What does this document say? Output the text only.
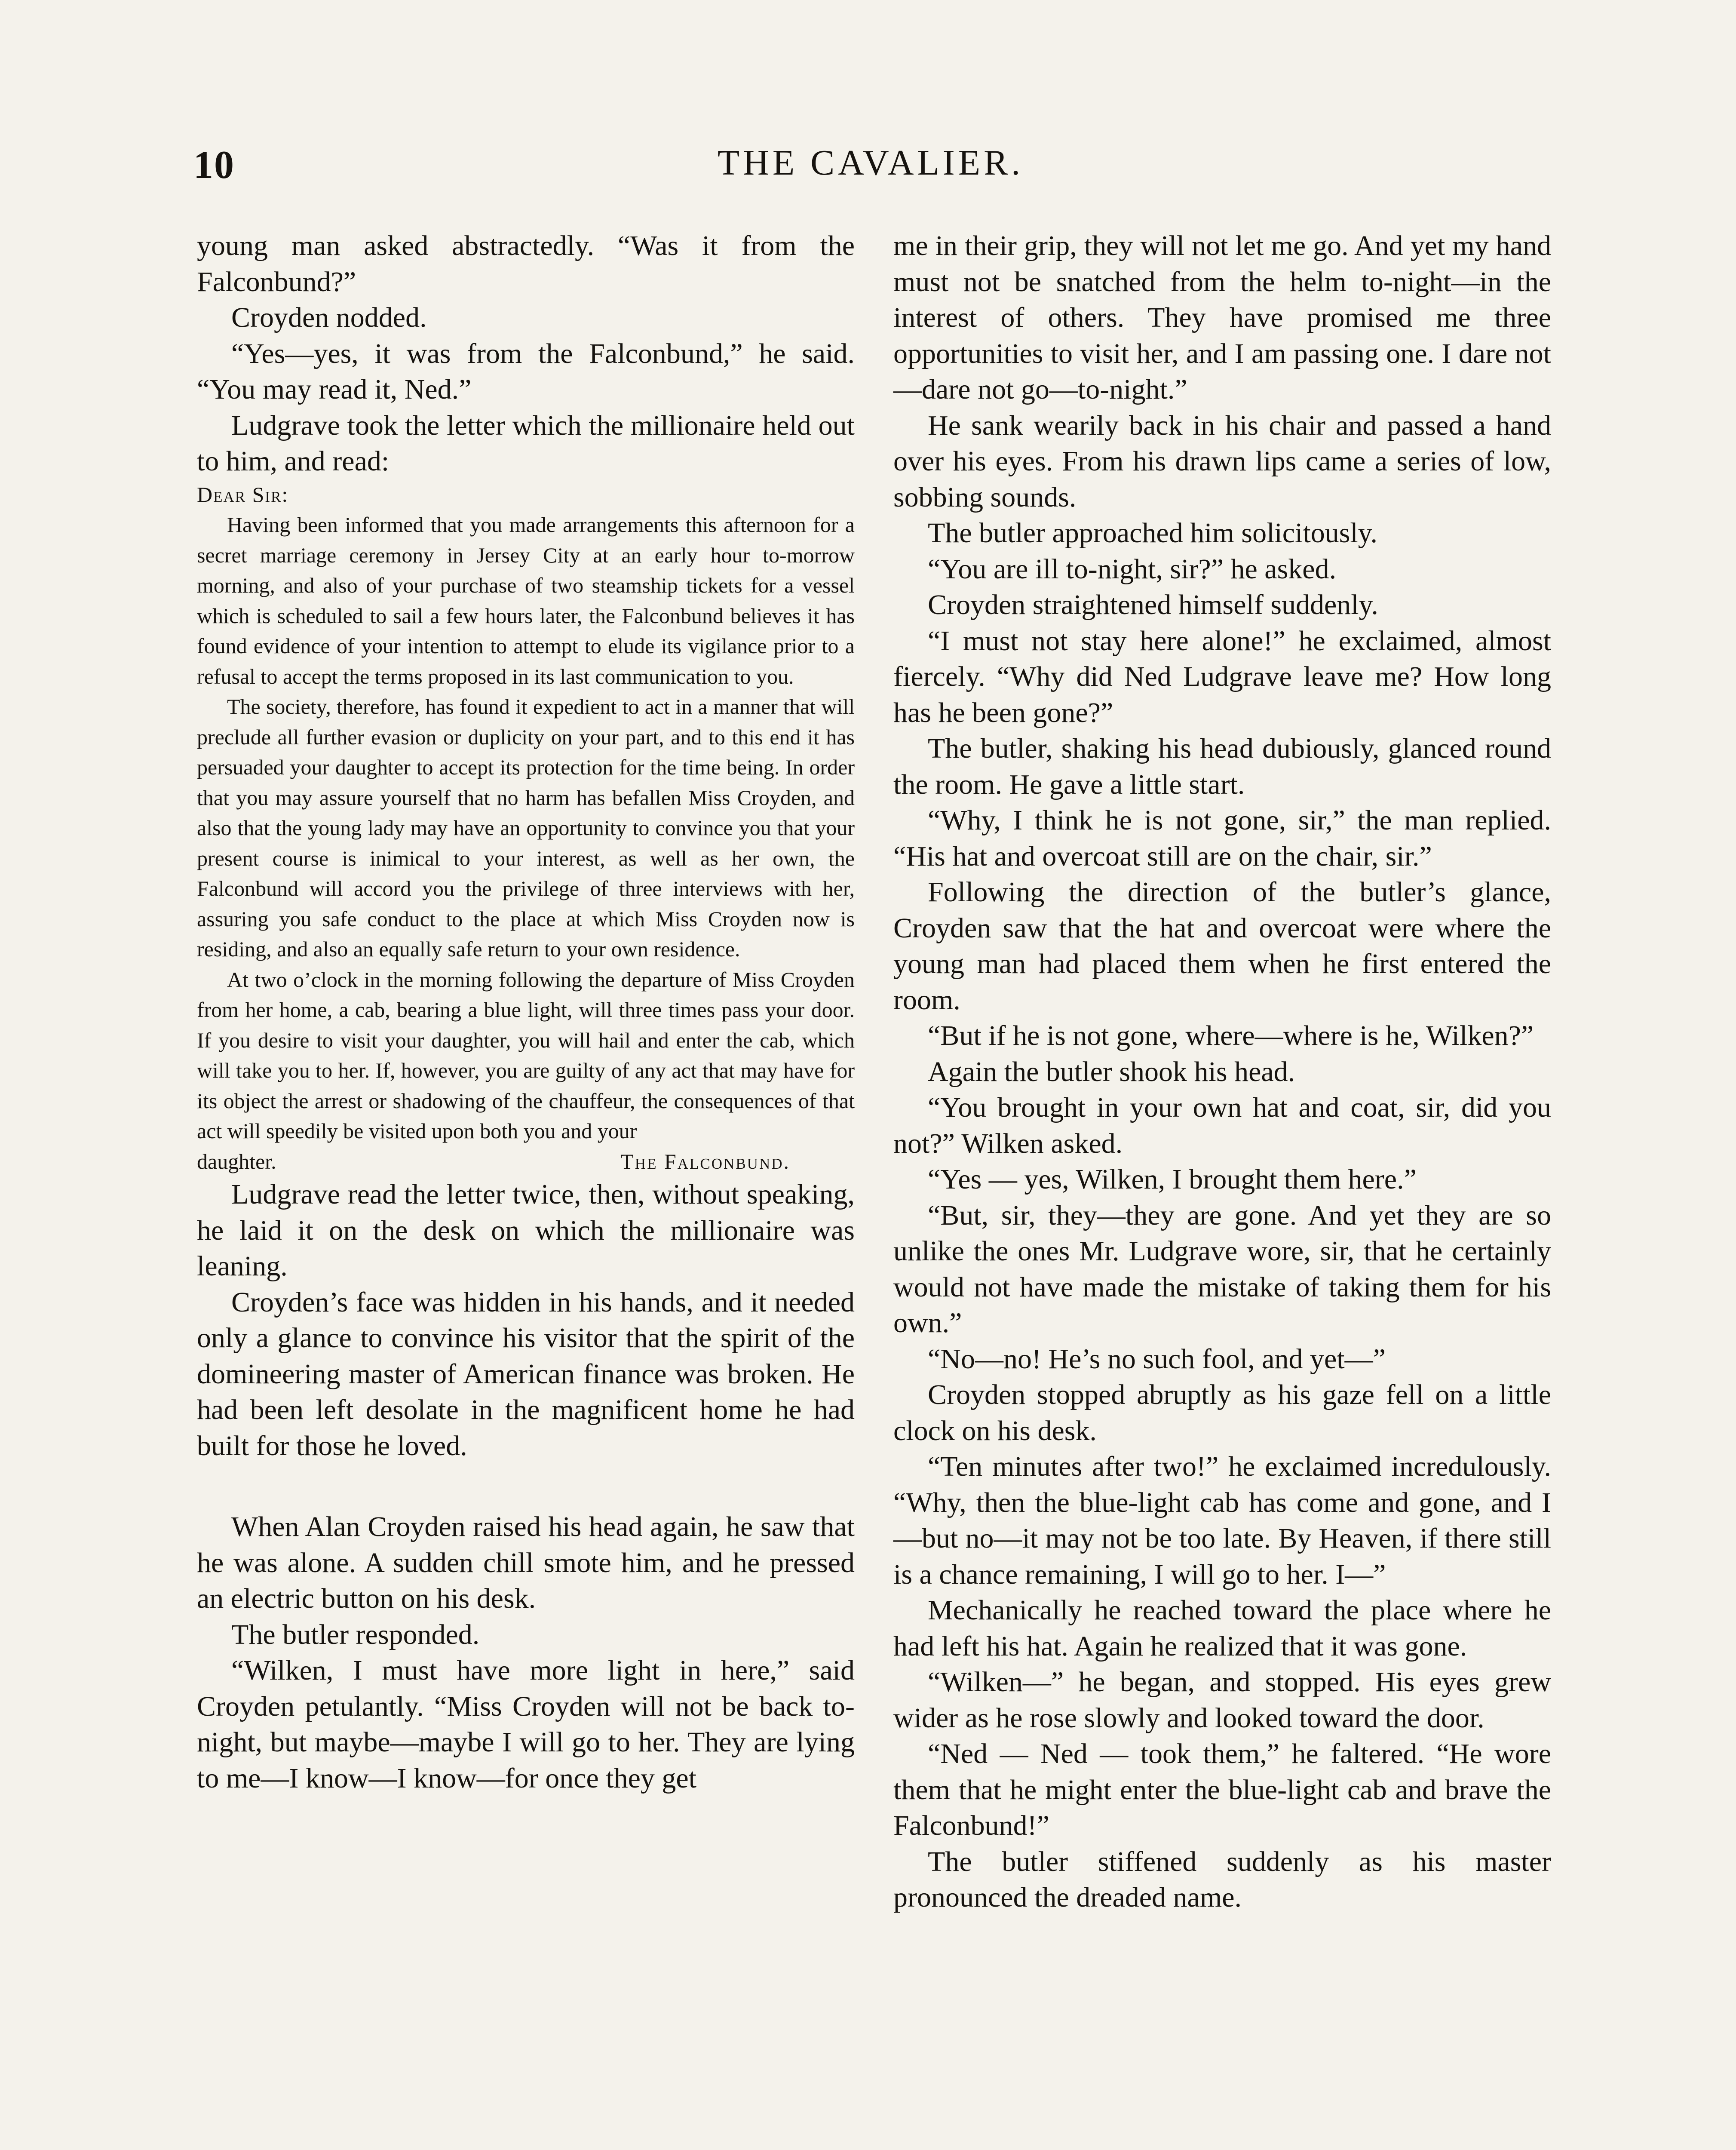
10	THE CAVALIER.

young man asked abstractedly. “Was it from the Falconbund?”

Croyden nodded.

“Yes—yes, it was from the Falconbund,” he said. “You may read it, Ned.”

Ludgrave took the letter which the millionaire held out to him, and read:

Dear Sir:

Having been informed that you made arrangements this afternoon for a secret marriage ceremony in Jersey City at an early hour to-morrow morning, and also of your purchase of two steamship tickets for a vessel which is scheduled to sail a few hours later, the Falconbund believes it has found evidence of your intention to attempt to elude its vigilance prior to a refusal to accept the terms proposed in its last communication to you.

The society, therefore, has found it expedient to act in a manner that will preclude all further evasion or duplicity on your part, and to this end it has persuaded your daughter to accept its protection for the time being. In order that you may assure yourself that no harm has befallen Miss Croyden, and also that the young lady may have an opportunity to convince you that your present course is inimical to your interest, as well as her own, the Falconbund will accord you the privilege of three interviews with her, assuring you safe conduct to the place at which Miss Croyden now is residing, and also an equally safe return to your own residence.

At two o’clock in the morning following the departure of Miss Croyden from her home, a cab, bearing a blue light, will three times pass your door. If you desire to visit your daughter, you will hail and enter the cab, which will take you to her. If, however, you are guilty of any act that may have for its object the arrest or shadowing of the chauffeur, the consequences of that act will speedily be visited upon both you and your

daughter.	The Falconbund.

Ludgrave read the letter twice, then, without speaking, he laid it on the desk on which the millionaire was leaning.

Croyden’s face was hidden in his hands, and it needed only a glance to convince his visitor that the spirit of the domineering master of American finance was broken. He had been left desolate in the magnificent home he had built for those he loved.

When Alan Croyden raised his head again, he saw that he was alone. A sudden chill smote him, and he pressed an electric button on his desk.

The butler responded.

“Wilken, I must have more light in here,” said Croyden petulantly. “Miss Croyden will not be back to-night, but maybe—maybe I will go to her. They are lying to me—I know—I know—for once they get

me in their grip, they will not let me go. And yet my hand must not be snatched from the helm to-night—in the interest of others. They have promised me three opportunities to visit her, and I am passing one. I dare not—dare not go—to-night.”

He sank wearily back in his chair and passed a hand over his eyes. From his drawn lips came a series of low, sobbing sounds.

The butler approached him solicitously.

“You are ill to-night, sir?” he asked.

Croyden straightened himself suddenly.

“I must not stay here alone!” he exclaimed, almost fiercely. “Why did Ned Ludgrave leave me? How long has he been gone?”

The butler, shaking his head dubiously, glanced round the room. He gave a little start.

“Why, I think he is not gone, sir,” the man replied. “His hat and overcoat still are on the chair, sir.”

Following the direction of the butler’s glance, Croyden saw that the hat and overcoat were where the young man had placed them when he first entered the room.

“But if he is not gone, where—where is he, Wilken?”

Again the butler shook his head.

“You brought in your own hat and coat, sir, did you not?” Wilken asked.

“Yes — yes, Wilken, I brought them here.”

“But, sir, they—they are gone. And yet they are so unlike the ones Mr. Ludgrave wore, sir, that he certainly would not have made the mistake of taking them for his own.”

“No—no! He’s no such fool, and yet—”

Croyden stopped abruptly as his gaze fell on a little clock on his desk.

“Ten minutes after two!” he exclaimed incredulously. “Why, then the blue-light cab has come and gone, and I—but no—it may not be too late. By Heaven, if there still is a chance remaining, I will go to her. I—”

Mechanically he reached toward the place where he had left his hat. Again he realized that it was gone.

“Wilken—” he began, and stopped. His eyes grew wider as he rose slowly and looked toward the door.

“Ned — Ned — took them,” he faltered. “He wore them that he might enter the blue-light cab and brave the Falconbund!”

The butler stiffened suddenly as his master pronounced the dreaded name.
